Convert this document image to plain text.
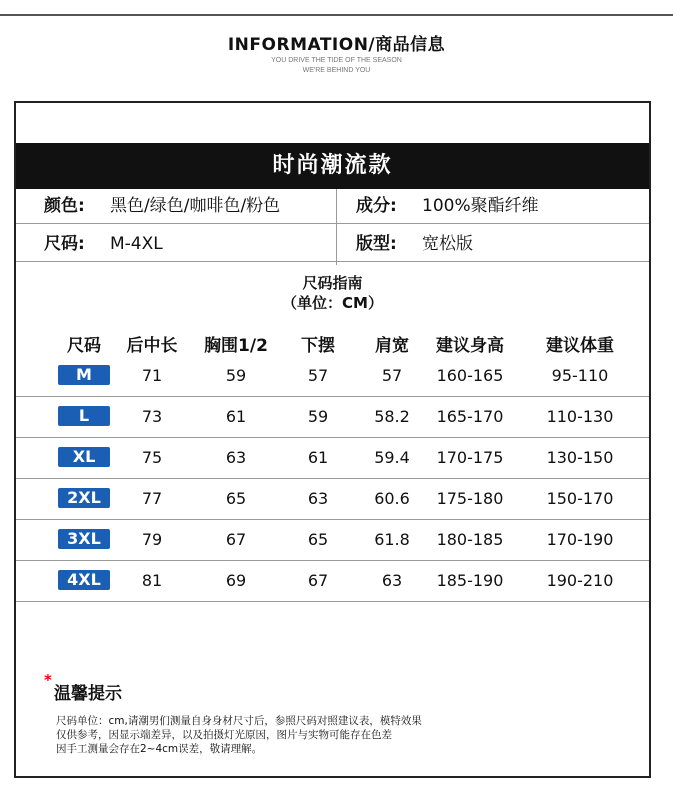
INFORMATION/商品信息
YOU DRIVE THE TIDE OF THE SEASON
WE'RE BEHIND YOU
时尚潮流款
颜色: 黑色/绿色/咖啡色/粉色	成分: 100%聚酯纤维
尺码: M-4XL	版型: 宽松版
尺码指南
（单位：CM）
尺码	后中长	胸围1/2	下摆	肩宽	建议身高	建议体重
M	71	59	57	57	160-165	95-110
L	73	61	59	58.2	165-170	110-130
XL	75	63	61	59.4	170-175	130-150
2XL	77	65	63	60.6	175-180	150-170
3XL	79	67	65	61.8	180-185	170-190
4XL	81	69	67	63	185-190	190-210
*
温馨提示
尺码单位：cm,请潮男们测量自身身材尺寸后，参照尺码对照建议表，模特效果
仅供参考，因显示端差异，以及拍摄灯光原因，图片与实物可能存在色差
因手工测量会存在2~4cm误差，敬请理解。
